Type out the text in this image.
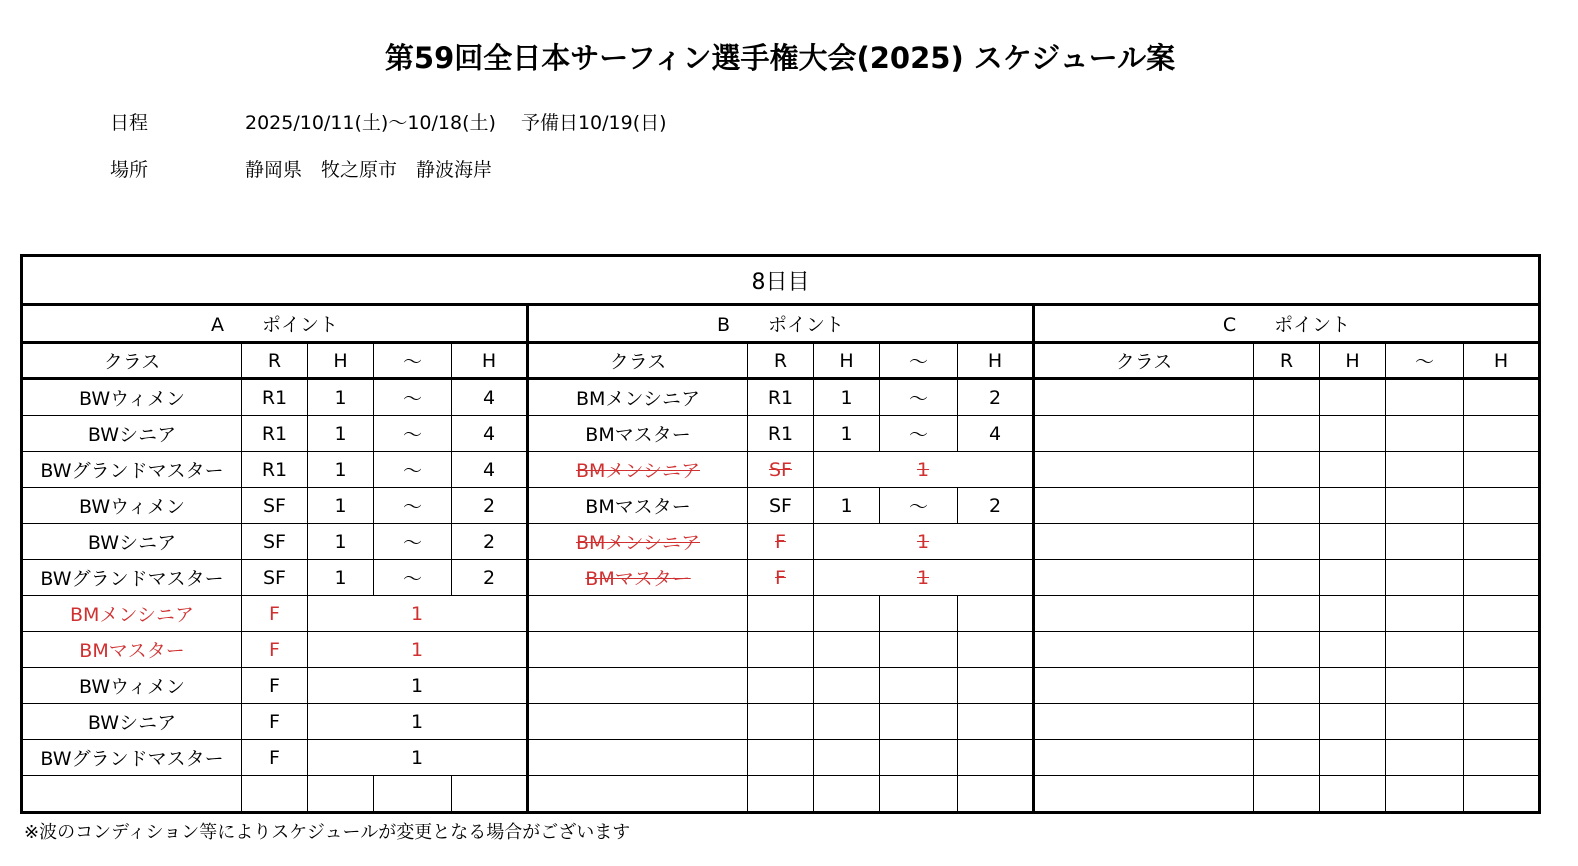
第59回全日本サーフィン選手権大会(2025) スケジュール案
日程	2025/10/11(土)～10/18(土)　 予備日10/19(日)
場所	静岡県　牧之原市　静波海岸
8日目														
A　　ポイント					B　　ポイント					C　　ポイント				
クラス	R	H	～	H	クラス	R	H	～	H	クラス	R	H	～	H
BWウィメン	R1	1	～	4	BMメンシニア	R1	1	～	2					
BWシニア	R1	1	～	4	BMマスター	R1	1	～	4					
BWグランドマスター	R1	1	～	4	BMメンシニア	SF	1							
BWウィメン	SF	1	～	2	BMマスター	SF	1	～	2					
BWシニア	SF	1	～	2	BMメンシニア	F	1							
BWグランドマスター	SF	1	～	2	BMマスター	F	1							
BMメンシニア	F	1												
BMマスター	F	1												
BWウィメン	F	1												
BWシニア	F	1												
BWグランドマスター	F	1												

※波のコンディション等によりスケジュールが変更となる場合がございます
